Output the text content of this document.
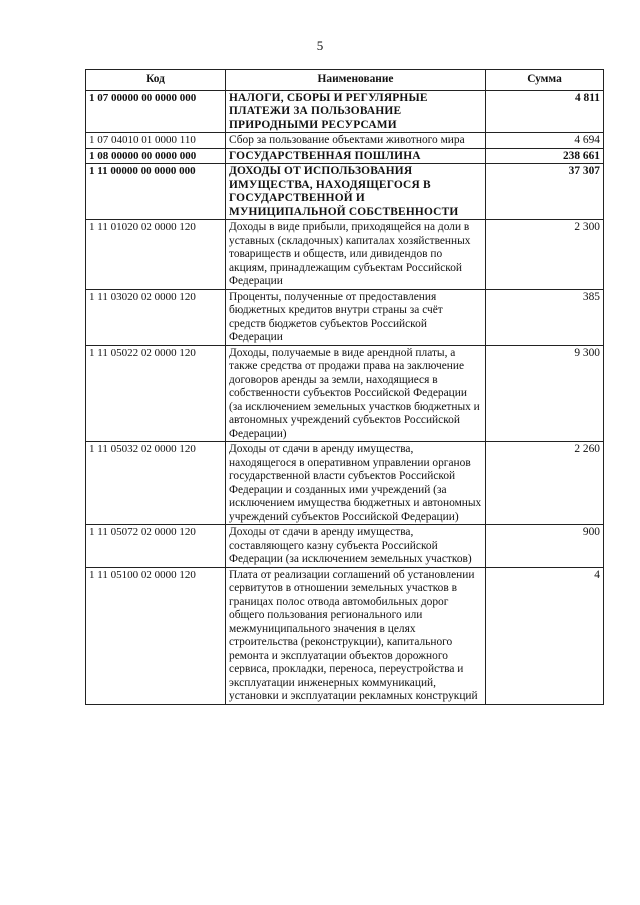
5
Код	Наименование	Сумма
1 07 00000 00 0000 000	НАЛОГИ, СБОРЫ И РЕГУЛЯРНЫЕ ПЛАТЕЖИ ЗА ПОЛЬЗОВАНИЕ ПРИРОДНЫМИ РЕСУРСАМИ	4 811
1 07 04010 01 0000 110	Сбор за пользование объектами животного мира	4 694
1 08 00000 00 0000 000	ГОСУДАРСТВЕННАЯ ПОШЛИНА	238 661
1 11 00000 00 0000 000	ДОХОДЫ ОТ ИСПОЛЬЗОВАНИЯ ИМУЩЕСТВА, НАХОДЯЩЕГОСЯ В ГОСУДАРСТВЕННОЙ И МУНИЦИПАЛЬНОЙ СОБСТВЕННОСТИ	37 307
1 11 01020 02 0000 120	Доходы в виде прибыли, приходящейся на доли в уставных (складочных) капиталах хозяйственных товариществ и обществ, или дивидендов по акциям, принадлежащим субъектам Российской Федерации	2 300
1 11 03020 02 0000 120	Проценты, полученные от предоставления бюджетных кредитов внутри страны за счёт средств бюджетов субъектов Российской Федерации	385
1 11 05022 02 0000 120	Доходы, получаемые в виде арендной платы, а также средства от продажи права на заключение договоров аренды за земли, находящиеся в собственности субъектов Российской Федерации (за исключением земельных участков бюджетных и автономных учреждений субъектов Российской Федерации)	9 300
1 11 05032 02 0000 120	Доходы от сдачи в аренду имущества, находящегося в оперативном управлении органов государственной власти субъектов Российской Федерации и созданных ими учреждений (за исключением имущества бюджетных и автономных учреждений субъектов Российской Федерации)	2 260
1 11 05072 02 0000 120	Доходы от сдачи в аренду имущества, составляющего казну субъекта Российской Федерации (за исключением земельных участков)	900
1 11 05100 02 0000 120	Плата от реализации соглашений об установлении сервитутов в отношении земельных участков в границах полос отвода автомобильных дорог общего пользования регионального или межмуниципального значения в целях строительства (реконструкции), капитального ремонта и эксплуатации объектов дорожного сервиса, прокладки, переноса, переустройства и эксплуатации инженерных коммуникаций, установки и эксплуатации рекламных конструкций	4
